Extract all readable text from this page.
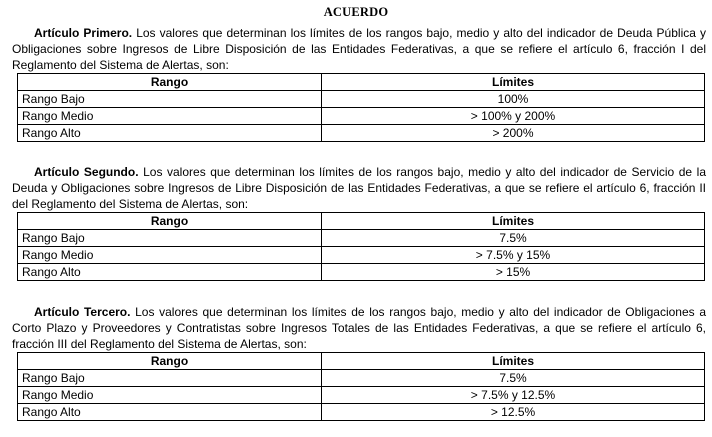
ACUERDO

Artículo Primero. Los valores que determinan los límites de los rangos bajo, medio y alto del indicador de Deuda Pública y Obligaciones sobre Ingresos de Libre Disposición de las Entidades Federativas, a que se refiere el artículo 6, fracción I del Reglamento del Sistema de Alertas, son:

Rango	Límites
Rango Bajo	100%
Rango Medio	> 100% y 200%
Rango Alto	> 200%

Artículo Segundo. Los valores que determinan los límites de los rangos bajo, medio y alto del indicador de Servicio de la Deuda y Obligaciones sobre Ingresos de Libre Disposición de las Entidades Federativas, a que se refiere el artículo 6, fracción II del Reglamento del Sistema de Alertas, son:

Rango	Límites
Rango Bajo	7.5%
Rango Medio	> 7.5% y 15%
Rango Alto	> 15%

Artículo Tercero. Los valores que determinan los límites de los rangos bajo, medio y alto del indicador de Obligaciones a Corto Plazo y Proveedores y Contratistas sobre Ingresos Totales de las Entidades Federativas, a que se refiere el artículo 6, fracción III del Reglamento del Sistema de Alertas, son:

Rango	Límites
Rango Bajo	7.5%
Rango Medio	> 7.5% y 12.5%
Rango Alto	> 12.5%
